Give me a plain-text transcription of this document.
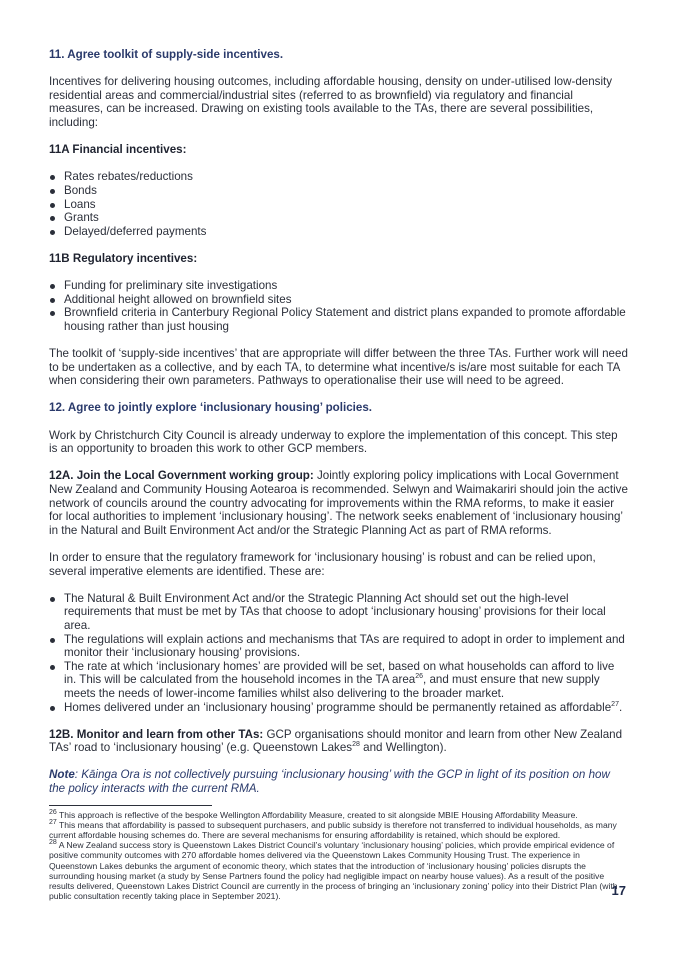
11. Agree toolkit of supply-side incentives.

Incentives for delivering housing outcomes, including affordable housing, density on under-utilised low-density residential areas and commercial/industrial sites (referred to as brownfield) via regulatory and financial measures, can be increased. Drawing on existing tools available to the TAs, there are several possibilities, including:

11A Financial incentives:

Rates rebates/reductions
Bonds
Loans
Grants
Delayed/deferred payments

11B Regulatory incentives:

Funding for preliminary site investigations
Additional height allowed on brownfield sites
Brownfield criteria in Canterbury Regional Policy Statement and district plans expanded to promote affordable housing rather than just housing

The toolkit of ‘supply-side incentives’ that are appropriate will differ between the three TAs. Further work will need to be undertaken as a collective, and by each TA, to determine what incentive/s is/are most suitable for each TA when considering their own parameters. Pathways to operationalise their use will need to be agreed.

12. Agree to jointly explore ‘inclusionary housing’ policies.

Work by Christchurch City Council is already underway to explore the implementation of this concept. This step is an opportunity to broaden this work to other GCP members.

12A. Join the Local Government working group: Jointly exploring policy implications with Local Government New Zealand and Community Housing Aotearoa is recommended. Selwyn and Waimakariri should join the active network of councils around the country advocating for improvements within the RMA reforms, to make it easier for local authorities to implement ‘inclusionary housing’. The network seeks enablement of ‘inclusionary housing’ in the Natural and Built Environment Act and/or the Strategic Planning Act as part of RMA reforms.

In order to ensure that the regulatory framework for ‘inclusionary housing’ is robust and can be relied upon, several imperative elements are identified. These are:

The Natural & Built Environment Act and/or the Strategic Planning Act should set out the high-level requirements that must be met by TAs that choose to adopt ‘inclusionary housing’ provisions for their local area.
The regulations will explain actions and mechanisms that TAs are required to adopt in order to implement and monitor their ‘inclusionary housing’ provisions.
The rate at which ‘inclusionary homes’ are provided will be set, based on what households can afford to live in. This will be calculated from the household incomes in the TA area$^{26}$, and must ensure that new supply meets the needs of lower-income families whilst also delivering to the broader market.
Homes delivered under an ‘inclusionary housing’ programme should be permanently retained as affordable$^{27}$.

12B. Monitor and learn from other TAs: GCP organisations should monitor and learn from other New Zealand TAs’ road to ‘inclusionary housing’ (e.g. Queenstown Lakes$^{28}$ and Wellington).

Note: Kāinga Ora is not collectively pursuing ‘inclusionary housing’ with the GCP in light of its position on how the policy interacts with the current RMA.

$^{26}$ This approach is reflective of the bespoke Wellington Affordability Measure, created to sit alongside MBIE Housing Affordability Measure.

$^{27}$ This means that affordability is passed to subsequent purchasers, and public subsidy is therefore not transferred to individual households, as many current affordable housing schemes do. There are several mechanisms for ensuring affordability is retained, which should be explored.

$^{28}$ A New Zealand success story is Queenstown Lakes District Council’s voluntary ‘inclusionary housing’ policies, which provide empirical evidence of positive community outcomes with 270 affordable homes delivered via the Queenstown Lakes Community Housing Trust. The experience in Queenstown Lakes debunks the argument of economic theory, which states that the introduction of ‘inclusionary housing’ policies disrupts the surrounding housing market (a study by Sense Partners found the policy had negligible impact on nearby house values). As a result of the positive results delivered, Queenstown Lakes District Council are currently in the process of bringing an ‘inclusionary zoning’ policy into their District Plan (with public consultation recently taking place in September 2021).	17
